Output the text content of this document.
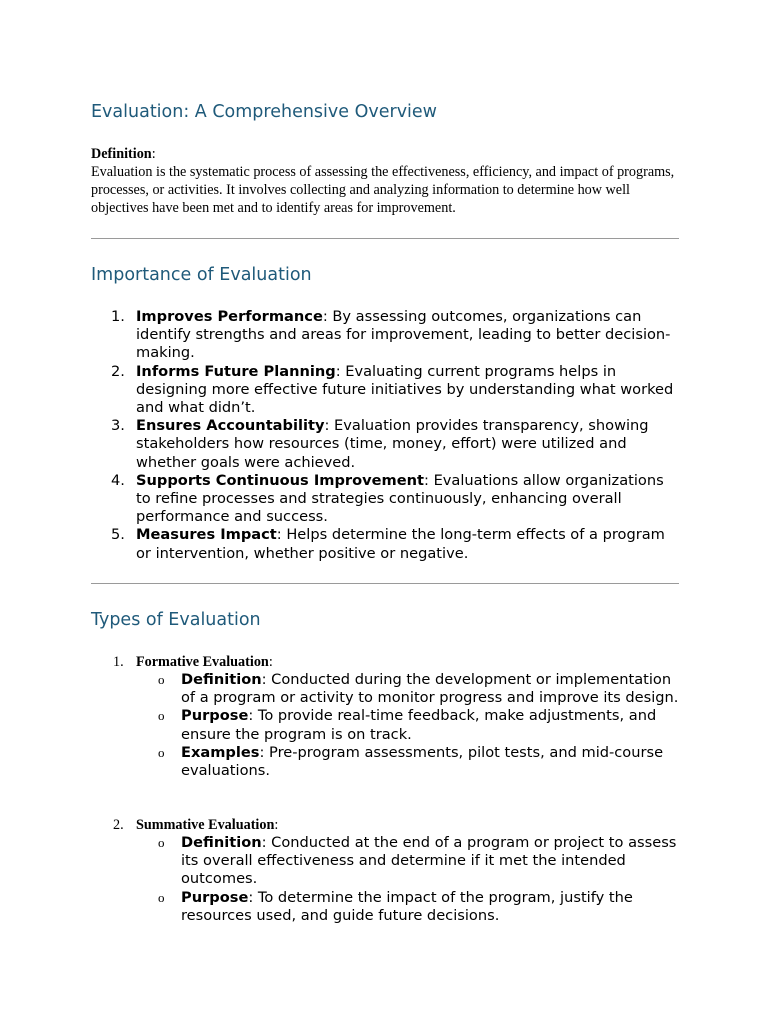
Evaluation: A Comprehensive Overview
Definition:

Evaluation is the systematic process of assessing the effectiveness, efficiency, and impact of programs, processes, or activities. It involves collecting and analyzing information to determine how well objectives have been met and to identify areas for improvement.

Importance of Evaluation
1. Improves Performance: By assessing outcomes, organizations can identify strengths and areas for improvement, leading to better decision-making.
2. Informs Future Planning: Evaluating current programs helps in designing more effective future initiatives by understanding what worked and what didn’t.
3. Ensures Accountability: Evaluation provides transparency, showing stakeholders how resources (time, money, effort) were utilized and whether goals were achieved.
4. Supports Continuous Improvement: Evaluations allow organizations to refine processes and strategies continuously, enhancing overall performance and success.
5. Measures Impact: Helps determine the long-term effects of a program or intervention, whether positive or negative.
Types of Evaluation
1. Formative Evaluation:
o Definition: Conducted during the development or implementation of a program or activity to monitor progress and improve its design.
o Purpose: To provide real-time feedback, make adjustments, and ensure the program is on track.
o Examples: Pre-program assessments, pilot tests, and mid-course evaluations.
2. Summative Evaluation:
o Definition: Conducted at the end of a program or project to assess its overall effectiveness and determine if it met the intended outcomes.
o Purpose: To determine the impact of the program, justify the resources used, and guide future decisions.
